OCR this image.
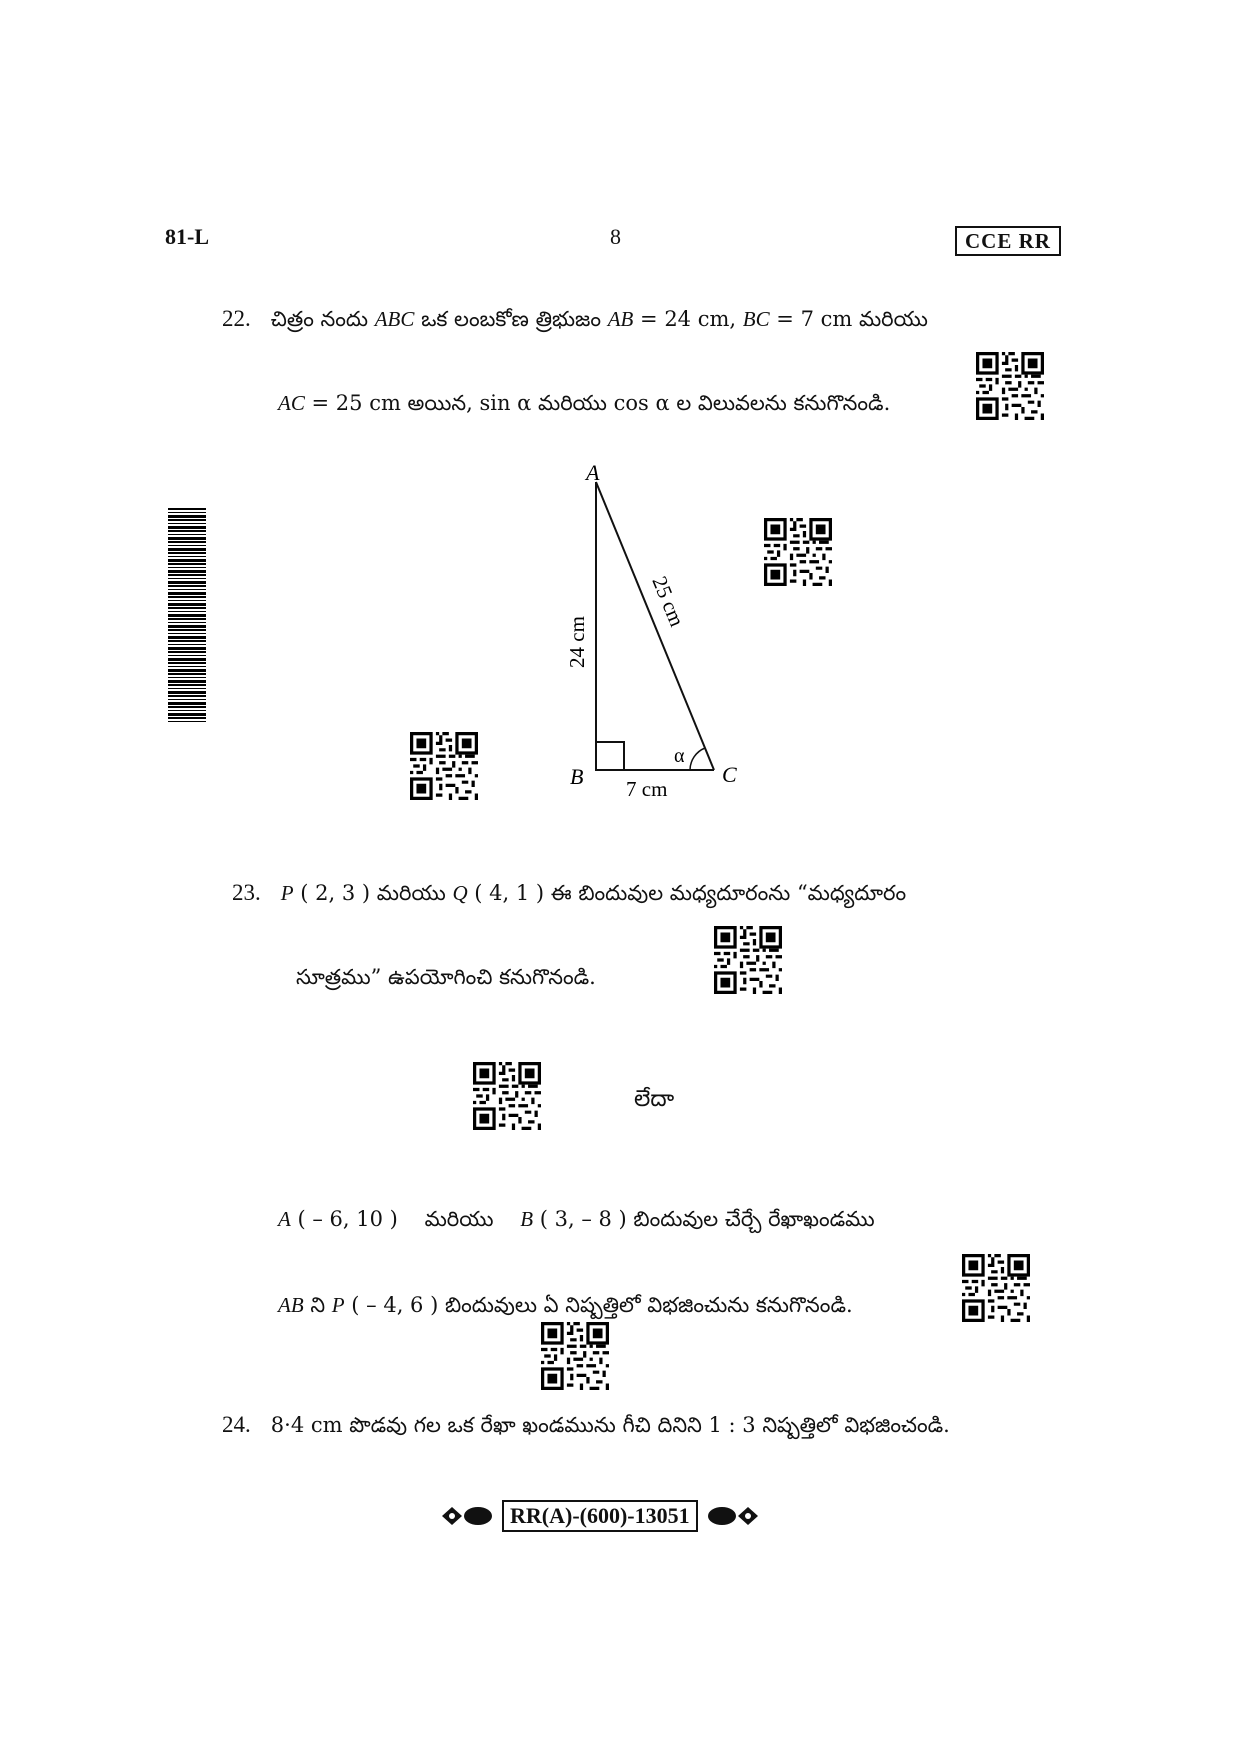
81-L	8	CCE RR
22. చిత్రం నందు ABC ఒక లంబకోణ త్రిభుజం AB = 24 cm, BC = 7 cm మరియు
AC = 25 cm అయిన, sin α మరియు cos α ల విలువలను కనుగొనండి.
A
B	C
α
7 cm
24 cm
25 cm
23. P ( 2, 3 ) మరియు Q ( 4, 1 ) ఈ బిందువుల మధ్యదూరంను “మధ్యదూరం
సూత్రము” ఉపయోగించి కనుగొనండి.
లేదా
A ( – 6, 10 ) మరియు B ( 3, – 8 ) బిందువుల చేర్చే రేఖాఖండము
AB ని P ( – 4, 6 ) బిందువులు ఏ నిష్పత్తిలో విభజించును కనుగొనండి.
24. 8·4 cm పొడవు గల ఒక రేఖా ఖండమును గీచి దినిని 1 : 3 నిష్పత్తిలో విభజించండి.
RR(A)-(600)-13051
